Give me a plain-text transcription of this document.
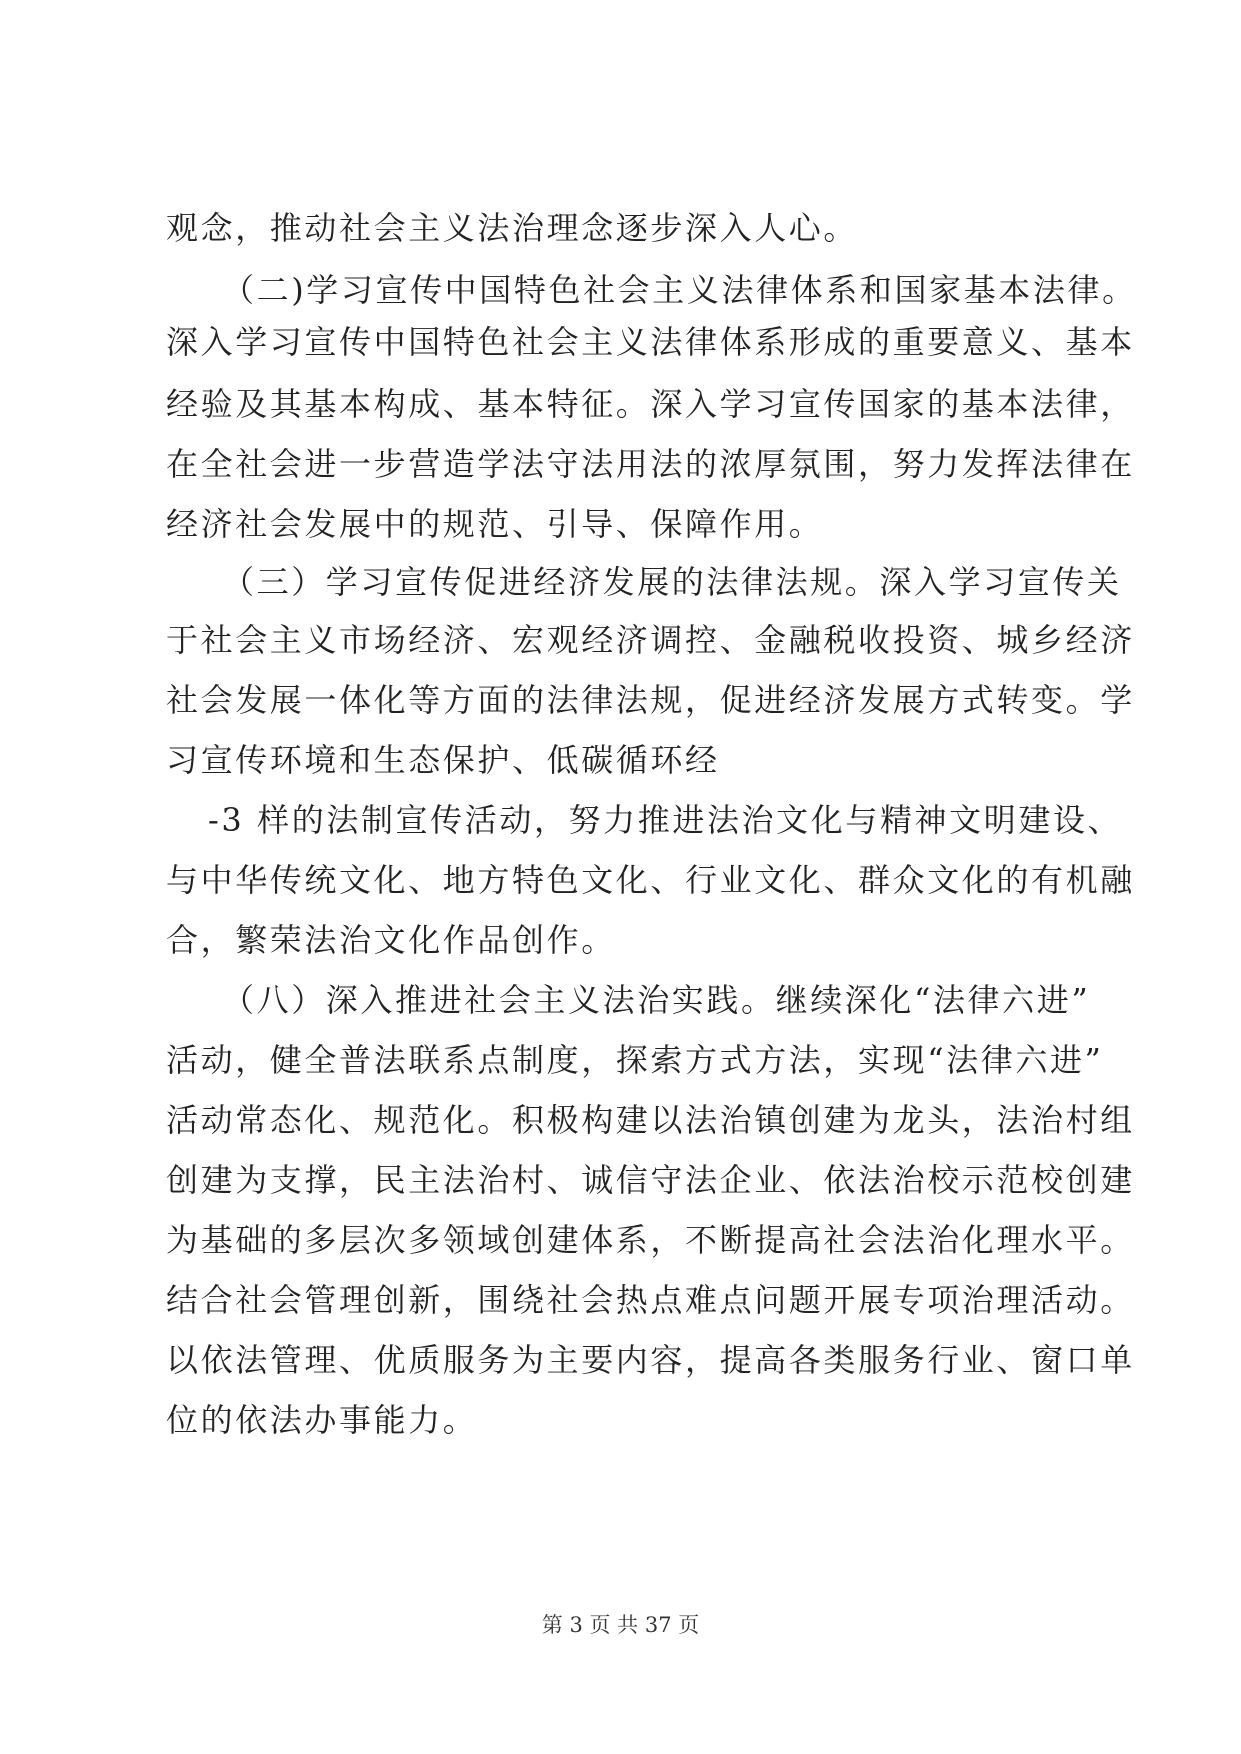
观念，推动社会主义法治理念逐步深入人心。
（二)学习宣传中国特色社会主义法律体系和国家基本法律。
深入学习宣传中国特色社会主义法律体系形成的重要意义、基本
经验及其基本构成、基本特征。深入学习宣传国家的基本法律，
在全社会进一步营造学法守法用法的浓厚氛围，努力发挥法律在
经济社会发展中的规范、引导、保障作用。
（三）学习宣传促进经济发展的法律法规。深入学习宣传关
于社会主义市场经济、宏观经济调控、金融税收投资、城乡经济
社会发展一体化等方面的法律法规，促进经济发展方式转变。学
习宣传环境和生态保护、低碳循环经
-3 样的法制宣传活动，努力推进法治文化与精神文明建设、
与中华传统文化、地方特色文化、行业文化、群众文化的有机融
合，繁荣法治文化作品创作。
（八）深入推进社会主义法治实践。继续深化“法律六进”
活动，健全普法联系点制度，探索方式方法，实现“法律六进”
活动常态化、规范化。积极构建以法治镇创建为龙头，法治村组
创建为支撑，民主法治村、诚信守法企业、依法治校示范校创建
为基础的多层次多领域创建体系，不断提高社会法治化理水平。
结合社会管理创新，围绕社会热点难点问题开展专项治理活动。
以依法管理、优质服务为主要内容，提高各类服务行业、窗口单
位的依法办事能力。
第 3 页 共 37 页
